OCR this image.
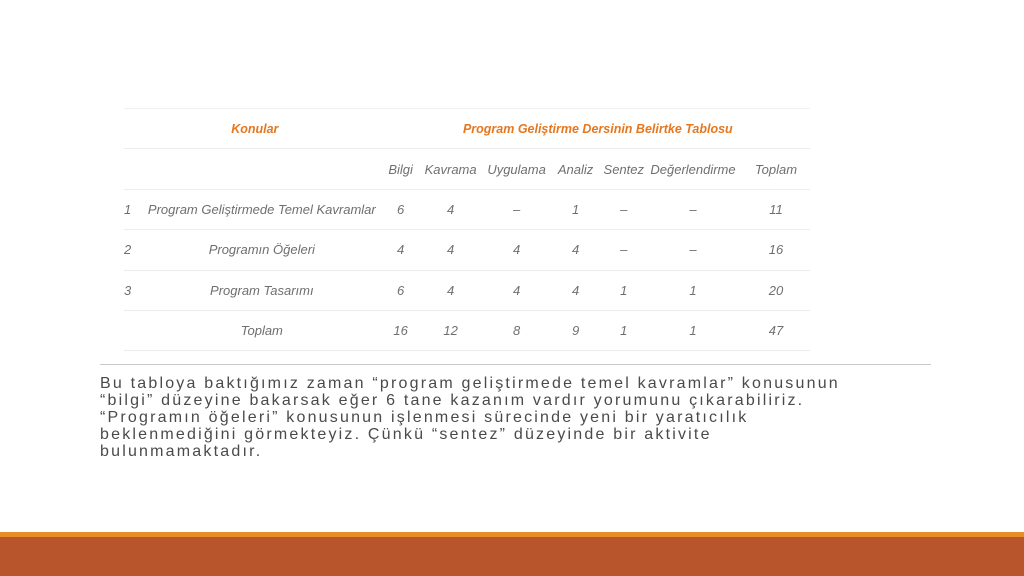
Konular		Program Geliştirme Dersinin Belirtke Tablosu						
		Bilgi	Kavrama	Uygulama	Analiz	Sentez	Değerlendirme	Toplam
1	Program Geliştirmede Temel Kavramlar	6	4	–	1	–	–	11
2	Programın Öğeleri	4	4	4	4	–	–	16
3	Program Tasarımı	6	4	4	4	1	1	20
	Toplam	16	12	8	9	1	1	47
Bu tabloya baktığımız zaman “program geliştirmede temel kavramlar” konusunun
“bilgi” düzeyine bakarsak eğer 6 tane kazanım vardır yorumunu çıkarabiliriz.
“Programın öğeleri” konusunun işlenmesi sürecinde yeni bir yaratıcılık
beklenmediğini görmekteyiz. Çünkü “sentez” düzeyinde bir aktivite
bulunmamaktadır.
